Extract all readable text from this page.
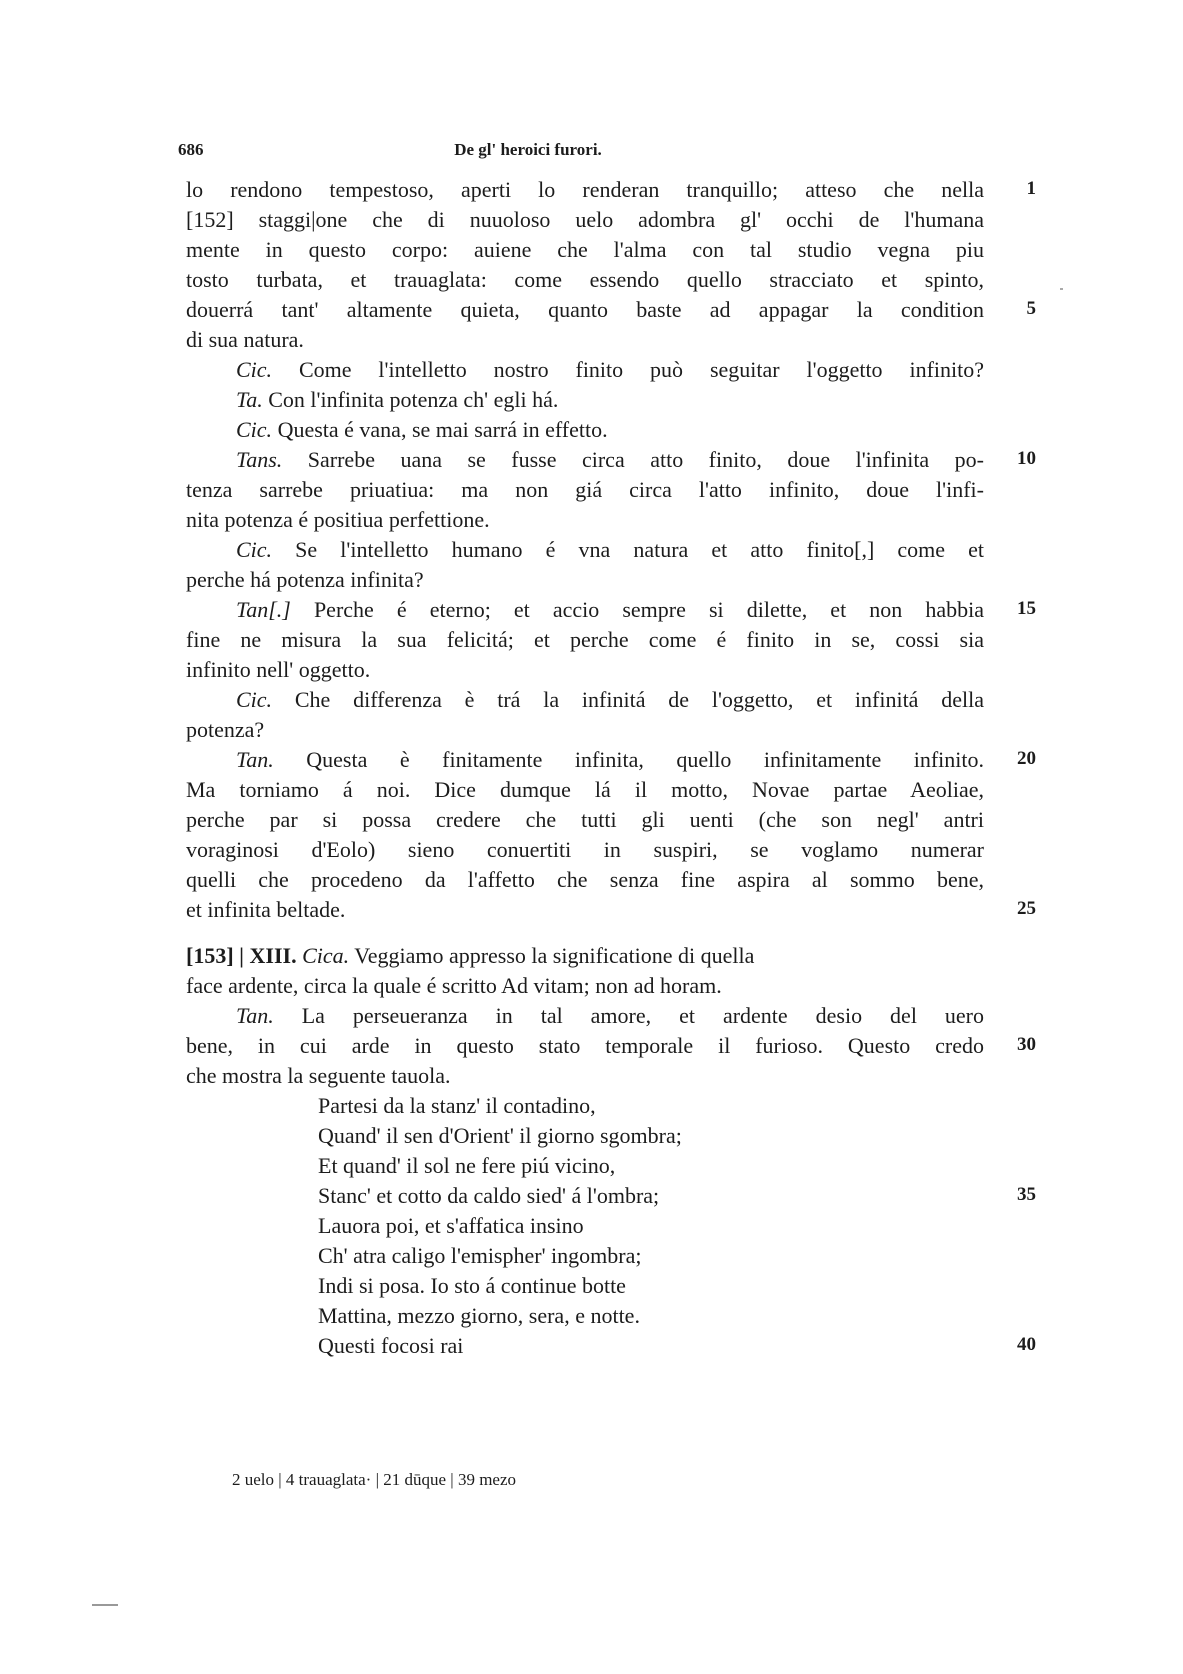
686	De gl' heroici furori.
lo rendono tempestoso, aperti lo renderan tranquillo; atteso che nella	1
[152] staggi|one che di nuuoloso uelo adombra gl' occhi de l'humana
mente in questo corpo: auiene che l'alma con tal studio vegna piu
tosto turbata, et trauaglata: come essendo quello stracciato et spinto,
douerrá tant' altamente quieta, quanto baste ad appagar la condition	5
di sua natura.
Cic. Come l'intelletto nostro finito può seguitar l'oggetto infinito?
Ta. Con l'infinita potenza ch' egli há.
Cic. Questa é vana, se mai sarrá in effetto.
Tans. Sarrebe uana se fusse circa atto finito, doue l'infinita po-	10
tenza sarrebe priuatiua: ma non giá circa l'atto infinito, doue l'infi-
nita potenza é positiua perfettione.
Cic. Se l'intelletto humano é vna natura et atto finito[,] come et
perche há potenza infinita?
Tan[.] Perche é eterno; et accio sempre si dilette, et non habbia	15
fine ne misura la sua felicitá; et perche come é finito in se, cossi sia
infinito nell' oggetto.
Cic. Che differenza è trá la infinitá de l'oggetto, et infinitá della
potenza?
Tan. Questa è finitamente infinita, quello infinitamente infinito.	20
Ma torniamo á noi. Dice dumque lá il motto, Novae partae Aeoliae,
perche par si possa credere che tutti gli uenti (che son negl' antri
voraginosi d'Eolo) sieno conuertiti in suspiri, se voglamo numerar
quelli che procedeno da l'affetto che senza fine aspira al sommo bene,
et infinita beltade.	25
[153] | XIII. Cica. Veggiamo appresso la significatione di quella
face ardente, circa la quale é scritto Ad vitam; non ad horam.
Tan. La perseueranza in tal amore, et ardente desio del uero
bene, in cui arde in questo stato temporale il furioso. Questo credo	30
che mostra la seguente tauola.
Partesi da la stanz' il contadino,
Quand' il sen d'Orient' il giorno sgombra;
Et quand' il sol ne fere piú vicino,
Stanc' et cotto da caldo sied' á l'ombra;	35
Lauora poi, et s'affatica insino
Ch' atra caligo l'emispher' ingombra;
Indi si posa. Io sto á continue botte
Mattina, mezzo giorno, sera, e notte.
Questi focosi rai	40
2 uelo | 4 trauaglata· | 21 dūque | 39 mezo
